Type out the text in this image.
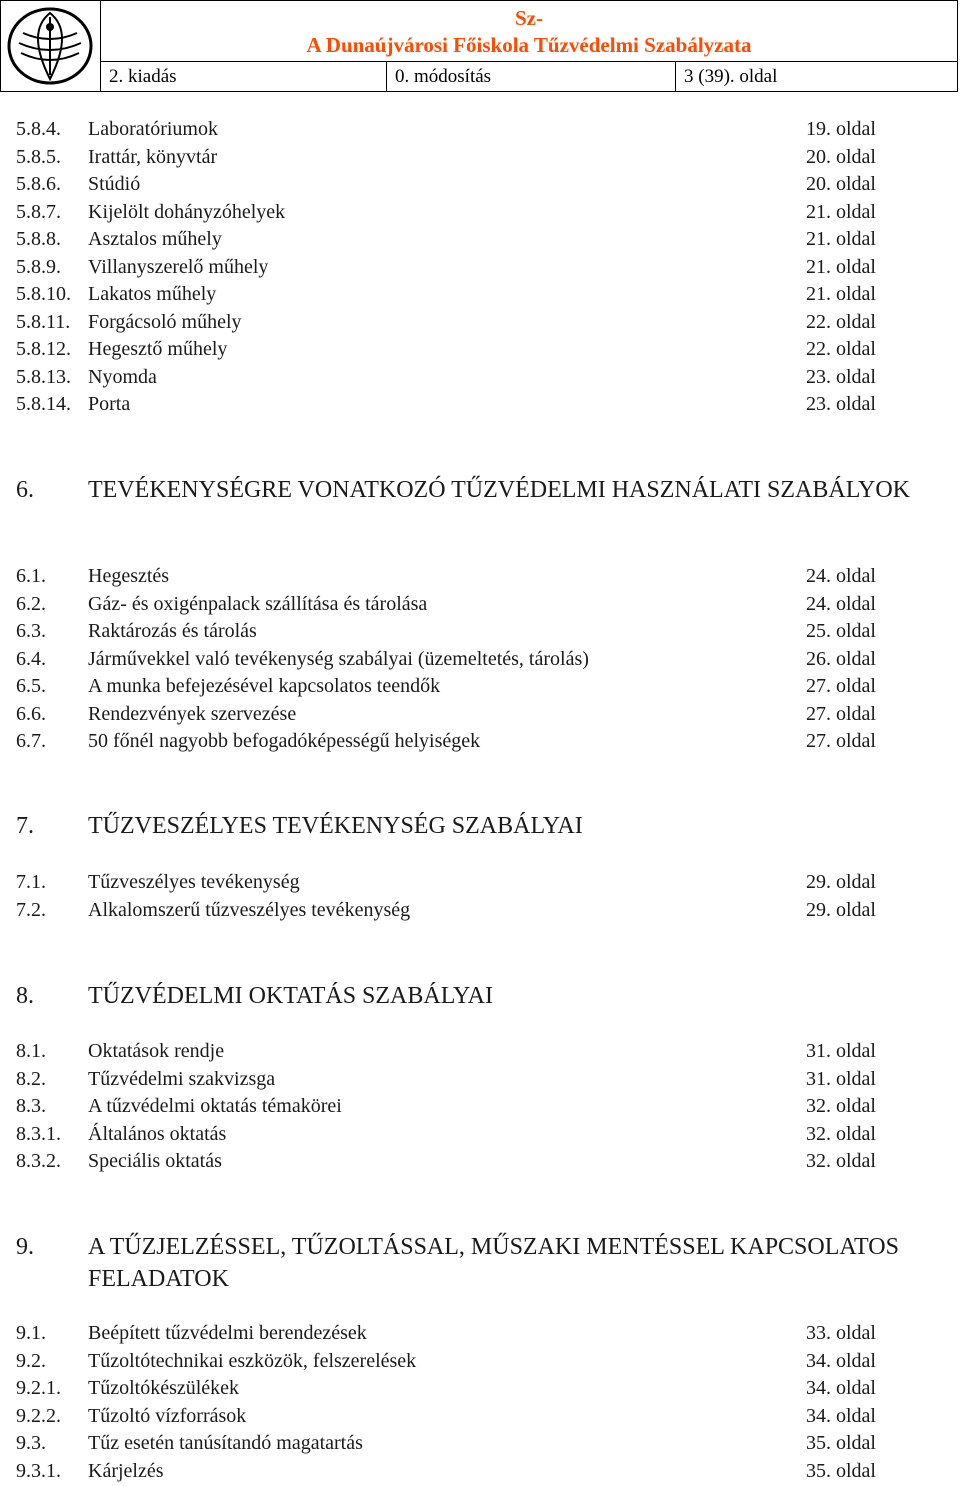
Sz-
A Dunaújvárosi Főiskola Tűzvédelmi Szabályzata
2. kiadás	0. módosítás	3 (39). oldal
5.8.4. Laboratóriumok	19. oldal
5.8.5. Irattár, könyvtár	20. oldal
5.8.6. Stúdió	20. oldal
5.8.7. Kijelölt dohányzóhelyek	21. oldal
5.8.8. Asztalos műhely	21. oldal
5.8.9. Villanyszerelő műhely	21. oldal
5.8.10. Lakatos műhely	21. oldal
5.8.11. Forgácsoló műhely	22. oldal
5.8.12. Hegesztő műhely	22. oldal
5.8.13. Nyomda	23. oldal
5.8.14. Porta	23. oldal
6. TEVÉKENYSÉGRE VONATKOZÓ TŰZVÉDELMI HASZNÁLATI SZABÁLYOK
6.1. Hegesztés	24. oldal
6.2. Gáz- és oxigénpalack szállítása és tárolása	24. oldal
6.3. Raktározás és tárolás	25. oldal
6.4. Járművekkel való tevékenység szabályai (üzemeltetés, tárolás)	26. oldal
6.5. A munka befejezésével kapcsolatos teendők	27. oldal
6.6. Rendezvények szervezése	27. oldal
6.7. 50 főnél nagyobb befogadóképességű helyiségek	27. oldal
7. TŰZVESZÉLYES TEVÉKENYSÉG SZABÁLYAI
7.1. Tűzveszélyes tevékenység	29. oldal
7.2. Alkalomszerű tűzveszélyes tevékenység	29. oldal
8. TŰZVÉDELMI OKTATÁS SZABÁLYAI
8.1. Oktatások rendje	31. oldal
8.2. Tűzvédelmi szakvizsga	31. oldal
8.3. A tűzvédelmi oktatás témakörei	32. oldal
8.3.1. Általános oktatás	32. oldal
8.3.2. Speciális oktatás	32. oldal
9. A TŰZJELZÉSSEL, TŰZOLTÁSSAL, MŰSZAKI MENTÉSSEL KAPCSOLATOS FELADATOK
9.1. Beépített tűzvédelmi berendezések	33. oldal
9.2. Tűzoltótechnikai eszközök, felszerelések	34. oldal
9.2.1. Tűzoltókészülékek	34. oldal
9.2.2. Tűzoltó vízforrások	34. oldal
9.3. Tűz esetén tanúsítandó magatartás	35. oldal
9.3.1. Kárjelzés	35. oldal
